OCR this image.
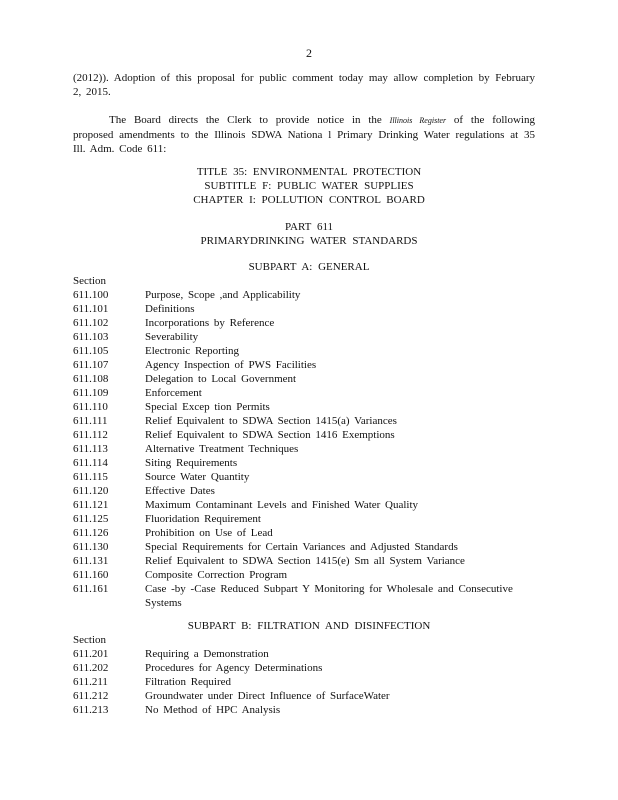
2

(2012)). Adoption of this proposal for public comment today may allow completion by February 2, 2015.

The Board directs the Clerk to provide notice in the Illinois Register of the following proposed amendments to the Illinois SDWA Nationa l Primary Drinking Water regulations at 35 Ill. Adm. Code 611:

TITLE 35: ENVIRONMENTAL PROTECTION
SUBTITLE F: PUBLIC WATER SUPPLIES
CHAPTER I: POLLUTION CONTROL BOARD
PART 611
PRIMARYDRINKING WATER STANDARDS
SUBPART A: GENERAL
Section
611.100	Purpose, Scope ,and Applicability
611.101	Definitions
611.102	Incorporations by Reference
611.103	Severability
611.105	Electronic Reporting
611.107	Agency Inspection of PWS Facilities
611.108	Delegation to Local Government
611.109	Enforcement
611.110	Special Excep tion Permits
611.111	Relief Equivalent to SDWA Section 1415(a) Variances
611.112	Relief Equivalent to SDWA Section 1416 Exemptions
611.113	Alternative Treatment Techniques
611.114	Siting Requirements
611.115	Source Water Quantity
611.120	Effective Dates
611.121	Maximum Contaminant Levels and Finished Water Quality
611.125	Fluoridation Requirement
611.126	Prohibition on Use of Lead
611.130	Special Requirements for Certain Variances and Adjusted Standards
611.131	Relief Equivalent to SDWA Section 1415(e) Sm all System Variance
611.160	Composite Correction Program
611.161	Case -by -Case Reduced Subpart Y Monitoring for Wholesale and Consecutive Systems
SUBPART B: FILTRATION AND DISINFECTION
Section
611.201	Requiring a Demonstration
611.202	Procedures for Agency Determinations
611.211	Filtration Required
611.212	Groundwater under Direct Influence of SurfaceWater
611.213	No Method of HPC Analysis
